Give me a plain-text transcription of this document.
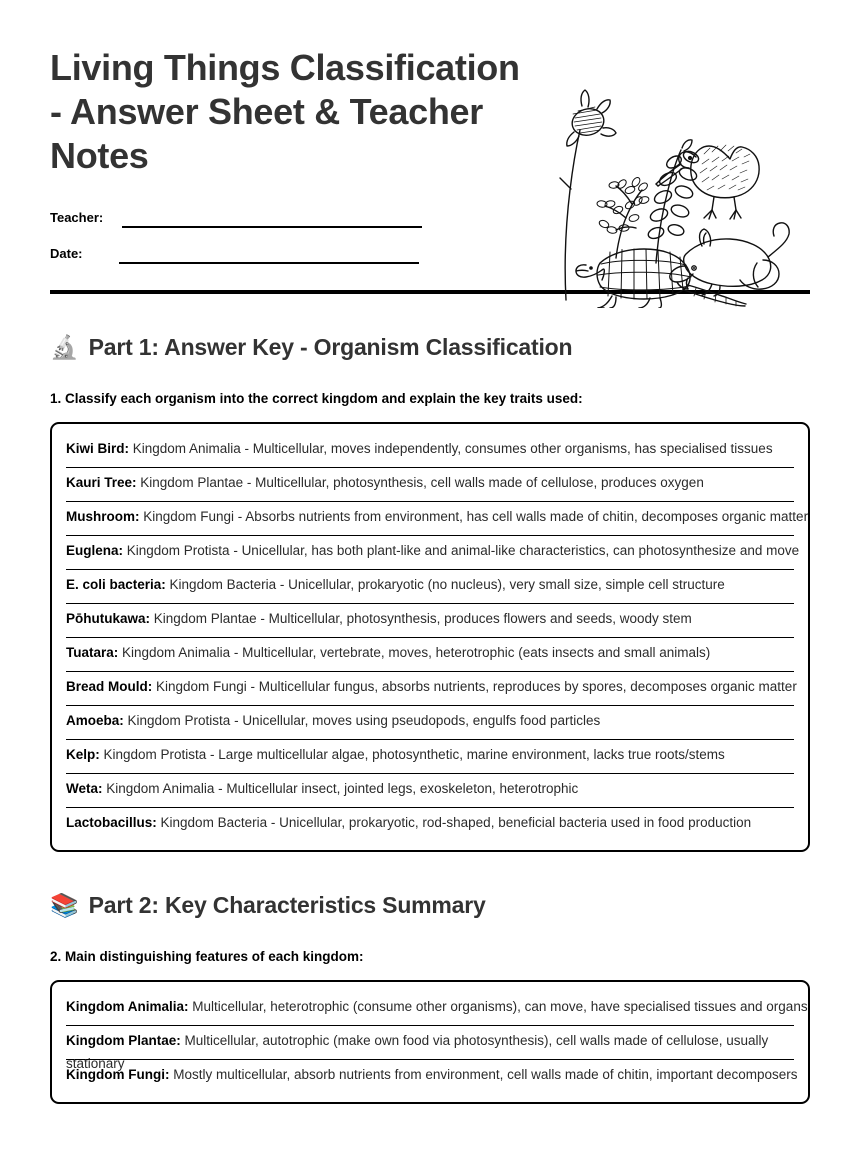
Living Things Classification - Answer Sheet & Teacher Notes
Teacher:
Date:
🔬 Part 1: Answer Key - Organism Classification
1. Classify each organism into the correct kingdom and explain the key traits used:
Kiwi Bird: Kingdom Animalia - Multicellular, moves independently, consumes other organisms, has specialised tissues
Kauri Tree: Kingdom Plantae - Multicellular, photosynthesis, cell walls made of cellulose, produces oxygen
Mushroom: Kingdom Fungi - Absorbs nutrients from environment, has cell walls made of chitin, decomposes organic matter
Euglena: Kingdom Protista - Unicellular, has both plant-like and animal-like characteristics, can photosynthesize and move
E. coli bacteria: Kingdom Bacteria - Unicellular, prokaryotic (no nucleus), very small size, simple cell structure
Pōhutukawa: Kingdom Plantae - Multicellular, photosynthesis, produces flowers and seeds, woody stem
Tuatara: Kingdom Animalia - Multicellular, vertebrate, moves, heterotrophic (eats insects and small animals)
Bread Mould: Kingdom Fungi - Multicellular fungus, absorbs nutrients, reproduces by spores, decomposes organic matter
Amoeba: Kingdom Protista - Unicellular, moves using pseudopods, engulfs food particles
Kelp: Kingdom Protista - Large multicellular algae, photosynthetic, marine environment, lacks true roots/stems
Weta: Kingdom Animalia - Multicellular insect, jointed legs, exoskeleton, heterotrophic
Lactobacillus: Kingdom Bacteria - Unicellular, prokaryotic, rod-shaped, beneficial bacteria used in food production
📚 Part 2: Key Characteristics Summary
2. Main distinguishing features of each kingdom:
Kingdom Animalia: Multicellular, heterotrophic (consume other organisms), can move, have specialised tissues and organs
Kingdom Plantae: Multicellular, autotrophic (make own food via photosynthesis), cell walls made of cellulose, usually stationary
Kingdom Fungi: Mostly multicellular, absorb nutrients from environment, cell walls made of chitin, important decomposers
